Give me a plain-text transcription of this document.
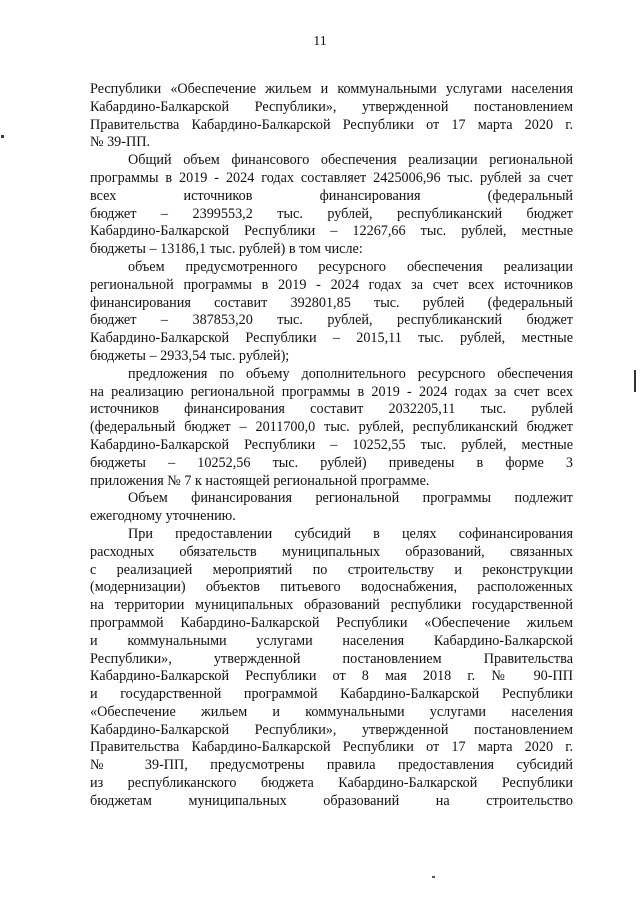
11
Республики «Обеспечение жильем и коммунальными услугами населения
Кабардино-Балкарской Республики», утвержденной постановлением
Правительства Кабардино-Балкарской Республики от 17 марта 2020 г.
№ 39-ПП.
Общий объем финансового обеспечения реализации региональной
программы в 2019 - 2024 годах составляет 2425006,96 тыс. рублей за счет
всех источников финансирования (федеральный
бюджет – 2399553,2 тыс. рублей, республиканский бюджет
Кабардино-Балкарской Республики – 12267,66 тыс. рублей, местные
бюджеты – 13186,1 тыс. рублей) в том числе:
объем предусмотренного ресурсного обеспечения реализации
региональной программы в 2019 - 2024 годах за счет всех источников
финансирования составит 392801,85 тыс. рублей (федеральный
бюджет – 387853,20 тыс. рублей, республиканский бюджет
Кабардино-Балкарской Республики – 2015,11 тыс. рублей, местные
бюджеты – 2933,54 тыс. рублей);
предложения по объему дополнительного ресурсного обеспечения
на реализацию региональной программы в 2019 - 2024 годах за счет всех
источников финансирования составит 2032205,11 тыс. рублей
(федеральный бюджет – 2011700,0 тыс. рублей, республиканский бюджет
Кабардино-Балкарской Республики – 10252,55 тыс. рублей, местные
бюджеты – 10252,56 тыс. рублей) приведены в форме 3
приложения № 7 к настоящей региональной программе.
Объем финансирования региональной программы подлежит
ежегодному уточнению.
При предоставлении субсидий в целях софинансирования
расходных обязательств муниципальных образований, связанных
с реализацией мероприятий по строительству и реконструкции
(модернизации) объектов питьевого водоснабжения, расположенных
на территории муниципальных образований республики государственной
программой Кабардино-Балкарской Республики «Обеспечение жильем
и коммунальными услугами населения Кабардино-Балкарской
Республики», утвержденной постановлением Правительства
Кабардино-Балкарской Республики от 8 мая 2018 г. № 90-ПП
и государственной программой Кабардино-Балкарской Республики
«Обеспечение жильем и коммунальными услугами населения
Кабардино-Балкарской Республики», утвержденной постановлением
Правительства Кабардино-Балкарской Республики от 17 марта 2020 г.
№ 39-ПП, предусмотрены правила предоставления субсидий
из республиканского бюджета Кабардино-Балкарской Республики
бюджетам муниципальных образований на строительство
